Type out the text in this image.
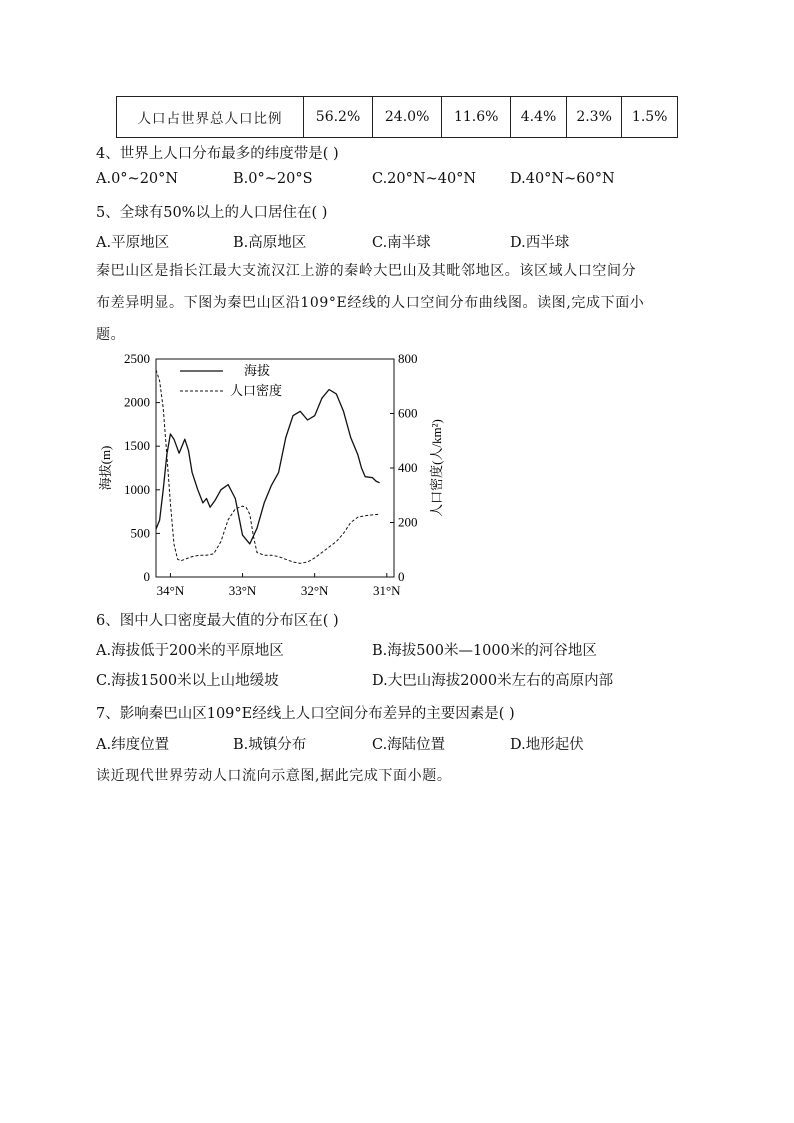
人口占世界总人口比例	56.2%	24.0%	11.6%	4.4%	2.3%	1.5%
4、世界上人口分布最多的纬度带是( )
A.0°~20°N	B.0°~20°S	C.20°N~40°N D.40°N~60°N
5、全球有50%以上的人口居住在( )
A.平原地区	B.高原地区	C.南半球	D.西半球
秦巴山区是指长江最大支流汉江上游的秦岭大巴山及其毗邻地区。该区域人口空间分
布差异明显。下图为秦巴山区沿109°E经线的人口空间分布曲线图。读图,完成下面小
题。
0
500
1000
1500
2000
2500
0
200
400
600
800
34°N	33°N	32°N	31°N
海拔(m)	人口密度(人/km²)
海拔
人口密度
6、图中人口密度最大值的分布区在( )
A.海拔低于200米的平原地区	B.海拔500米—1000米的河谷地区
C.海拔1500米以上山地缓坡	D.大巴山海拔2000米左右的高原内部
7、影响秦巴山区109°E经线上人口空间分布差异的主要因素是( )
A.纬度位置	B.城镇分布	C.海陆位置	D.地形起伏
读近现代世界劳动人口流向示意图,据此完成下面小题。
